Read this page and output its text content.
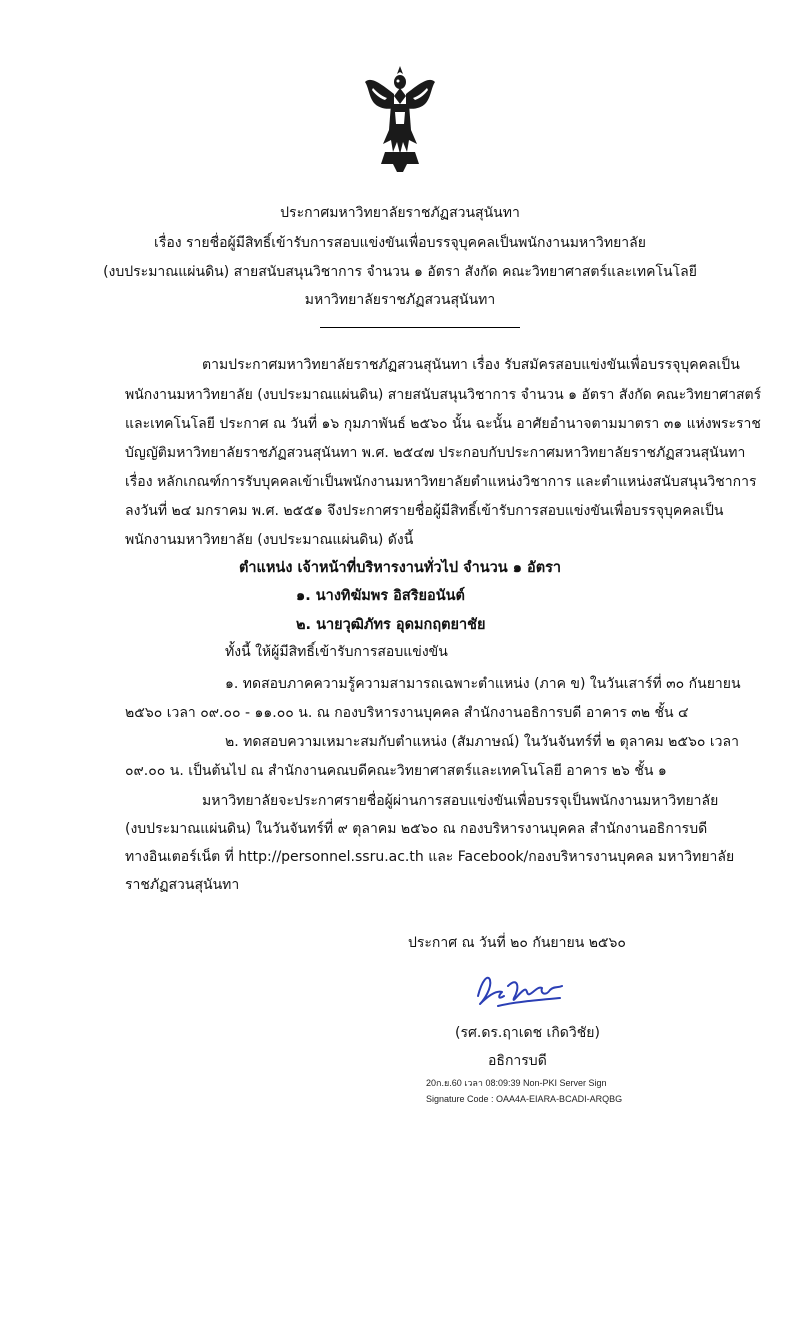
ประกาศมหาวิทยาลัยราชภัฏสวนสุนันทา
เรื่อง รายชื่อผู้มีสิทธิ์เข้ารับการสอบแข่งขันเพื่อบรรจุบุคคลเป็นพนักงานมหาวิทยาลัย
(งบประมาณแผ่นดิน) สายสนับสนุนวิชาการ จำนวน ๑ อัตรา สังกัด คณะวิทยาศาสตร์และเทคโนโลยี
มหาวิทยาลัยราชภัฏสวนสุนันทา
ตามประกาศมหาวิทยาลัยราชภัฏสวนสุนันทา เรื่อง รับสมัครสอบแข่งขันเพื่อบรรจุบุคคลเป็น
พนักงานมหาวิทยาลัย (งบประมาณแผ่นดิน) สายสนับสนุนวิชาการ จำนวน ๑ อัตรา สังกัด คณะวิทยาศาสตร์
และเทคโนโลยี ประกาศ ณ วันที่ ๑๖ กุมภาพันธ์ ๒๕๖๐ นั้น ฉะนั้น อาศัยอำนาจตามมาตรา ๓๑ แห่งพระราช
บัญญัติมหาวิทยาลัยราชภัฏสวนสุนันทา พ.ศ. ๒๕๔๗ ประกอบกับประกาศมหาวิทยาลัยราชภัฏสวนสุนันทา
เรื่อง หลักเกณฑ์การรับบุคคลเข้าเป็นพนักงานมหาวิทยาลัยตำแหน่งวิชาการ และตำแหน่งสนับสนุนวิชาการ
ลงวันที่ ๒๔ มกราคม พ.ศ. ๒๕๕๑ จึงประกาศรายชื่อผู้มีสิทธิ์เข้ารับการสอบแข่งขันเพื่อบรรจุบุคคลเป็น
พนักงานมหาวิทยาลัย (งบประมาณแผ่นดิน) ดังนี้
ตำแหน่ง เจ้าหน้าที่บริหารงานทั่วไป จำนวน ๑ อัตรา
๑. นางทิฆัมพร อิสริยอนันต์
๒. นายวุฒิภัทร อุดมกฤตยาชัย
ทั้งนี้ ให้ผู้มีสิทธิ์เข้ารับการสอบแข่งขัน
๑. ทดสอบภาคความรู้ความสามารถเฉพาะตำแหน่ง (ภาค ข) ในวันเสาร์ที่ ๓๐ กันยายน
๒๕๖๐ เวลา ๐๙.๐๐ - ๑๑.๐๐ น. ณ กองบริหารงานบุคคล สำนักงานอธิการบดี อาคาร ๓๒ ชั้น ๔
๒. ทดสอบความเหมาะสมกับตำแหน่ง (สัมภาษณ์) ในวันจันทร์ที่ ๒ ตุลาคม ๒๕๖๐ เวลา
๐๙.๐๐ น. เป็นต้นไป ณ สำนักงานคณบดีคณะวิทยาศาสตร์และเทคโนโลยี อาคาร ๒๖ ชั้น ๑
มหาวิทยาลัยจะประกาศรายชื่อผู้ผ่านการสอบแข่งขันเพื่อบรรจุเป็นพนักงานมหาวิทยาลัย
(งบประมาณแผ่นดิน) ในวันจันทร์ที่ ๙ ตุลาคม ๒๕๖๐ ณ กองบริหารงานบุคคล สำนักงานอธิการบดี
ทางอินเตอร์เน็ต ที่ http://personnel.ssru.ac.th และ Facebook/กองบริหารงานบุคคล มหาวิทยาลัย
ราชภัฏสวนสุนันทา
ประกาศ ณ วันที่ ๒๐ กันยายน ๒๕๖๐
(รศ.ดร.ฤาเดช เกิดวิชัย)
อธิการบดี
20ก.ย.60 เวลา 08:09:39 Non-PKI Server Sign
Signature Code : OAA4A-EIARA-BCADI-ARQBG
